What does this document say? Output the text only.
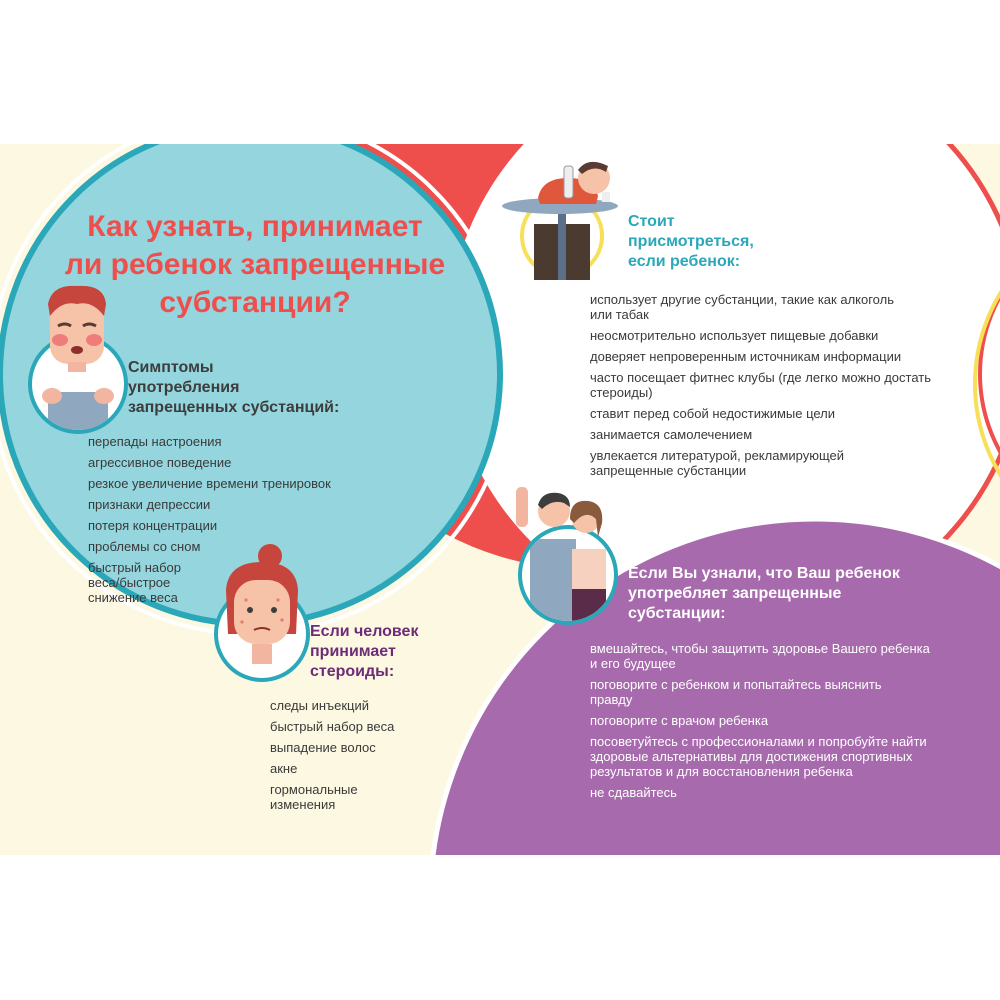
Как узнать, принимает
ли ребенок запрещенные
субстанции?
Симптомы
употребления
запрещенных субстанций:
перепады настроения
агрессивное поведение
резкое увеличение времени тренировок
признаки депрессии
потеря концентрации
проблемы со сном
быстрый набор
веса/быстрое
снижение веса
Если человек
принимает
стероиды:
следы инъекций
быстрый набор веса
выпадение волос
акне
гормональные
изменения
Стоит
присмотреться,
если ребенок:
использует другие субстанции, такие как алкоголь
или табак
неосмотрительно использует пищевые добавки
доверяет непроверенным источникам информации
часто посещает фитнес клубы (где легко можно достать
стероиды)
ставит перед собой недостижимые цели
занимается самолечением
увлекается литературой, рекламирующей
запрещенные субстанции
Если Вы узнали, что Ваш ребенок
употребляет запрещенные
субстанции:
вмешайтесь, чтобы защитить здоровье Вашего ребенка
и его будущее
поговорите с ребенком и попытайтесь выяснить
правду
поговорите с врачом ребенка
посоветуйтесь с профессионалами и попробуйте найти
здоровые альтернативы для достижения спортивных
результатов и для восстановления ребенка
не сдавайтесь
